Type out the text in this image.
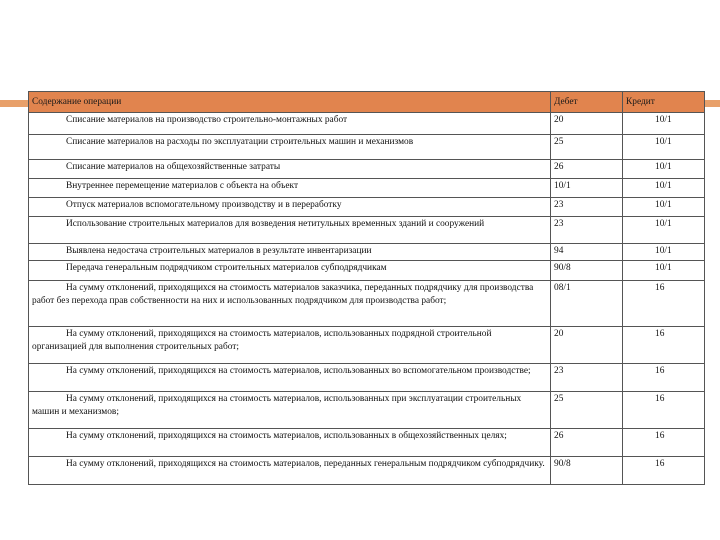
Содержание операции	Дебет	Кредит
Списание материалов на производство строительно-монтажных работ	20	10/1
Списание материалов на расходы по эксплуатации строительных машин и механизмов	25	10/1
Списание материалов на общехозяйственные затраты	26	10/1
Внутреннее перемещение материалов с объекта на объект	10/1	10/1
Отпуск материалов вспомогательному производству и в переработку	23	10/1
Использование строительных материалов для возведения нетитульных временных зданий и сооружений	23	10/1
Выявлена недостача строительных материалов в результате инвентаризации	94	10/1
Передача генеральным подрядчиком строительных материалов субподрядчикам	90/8	10/1
На сумму отклонений, приходящихся на стоимость материалов заказчика, переданных подрядчику для производства работ без перехода прав собственности на них и использованных подрядчиком для производства работ;	08/1	16
На сумму отклонений, приходящихся на стоимость материалов, использованных подрядной строительной организацией для выполнения строительных работ;	20	16
На сумму отклонений, приходящихся на стоимость материалов, использованных во вспомогательном производстве;	23	16
На сумму отклонений, приходящихся на стоимость материалов, использованных при эксплуатации строительных машин и механизмов;	25	16
На сумму отклонений, приходящихся на стоимость материалов, использованных в общехозяйственных целях;	26	16
На сумму отклонений, приходящихся на стоимость материалов, переданных генеральным подрядчиком субподрядчику.	90/8	16
